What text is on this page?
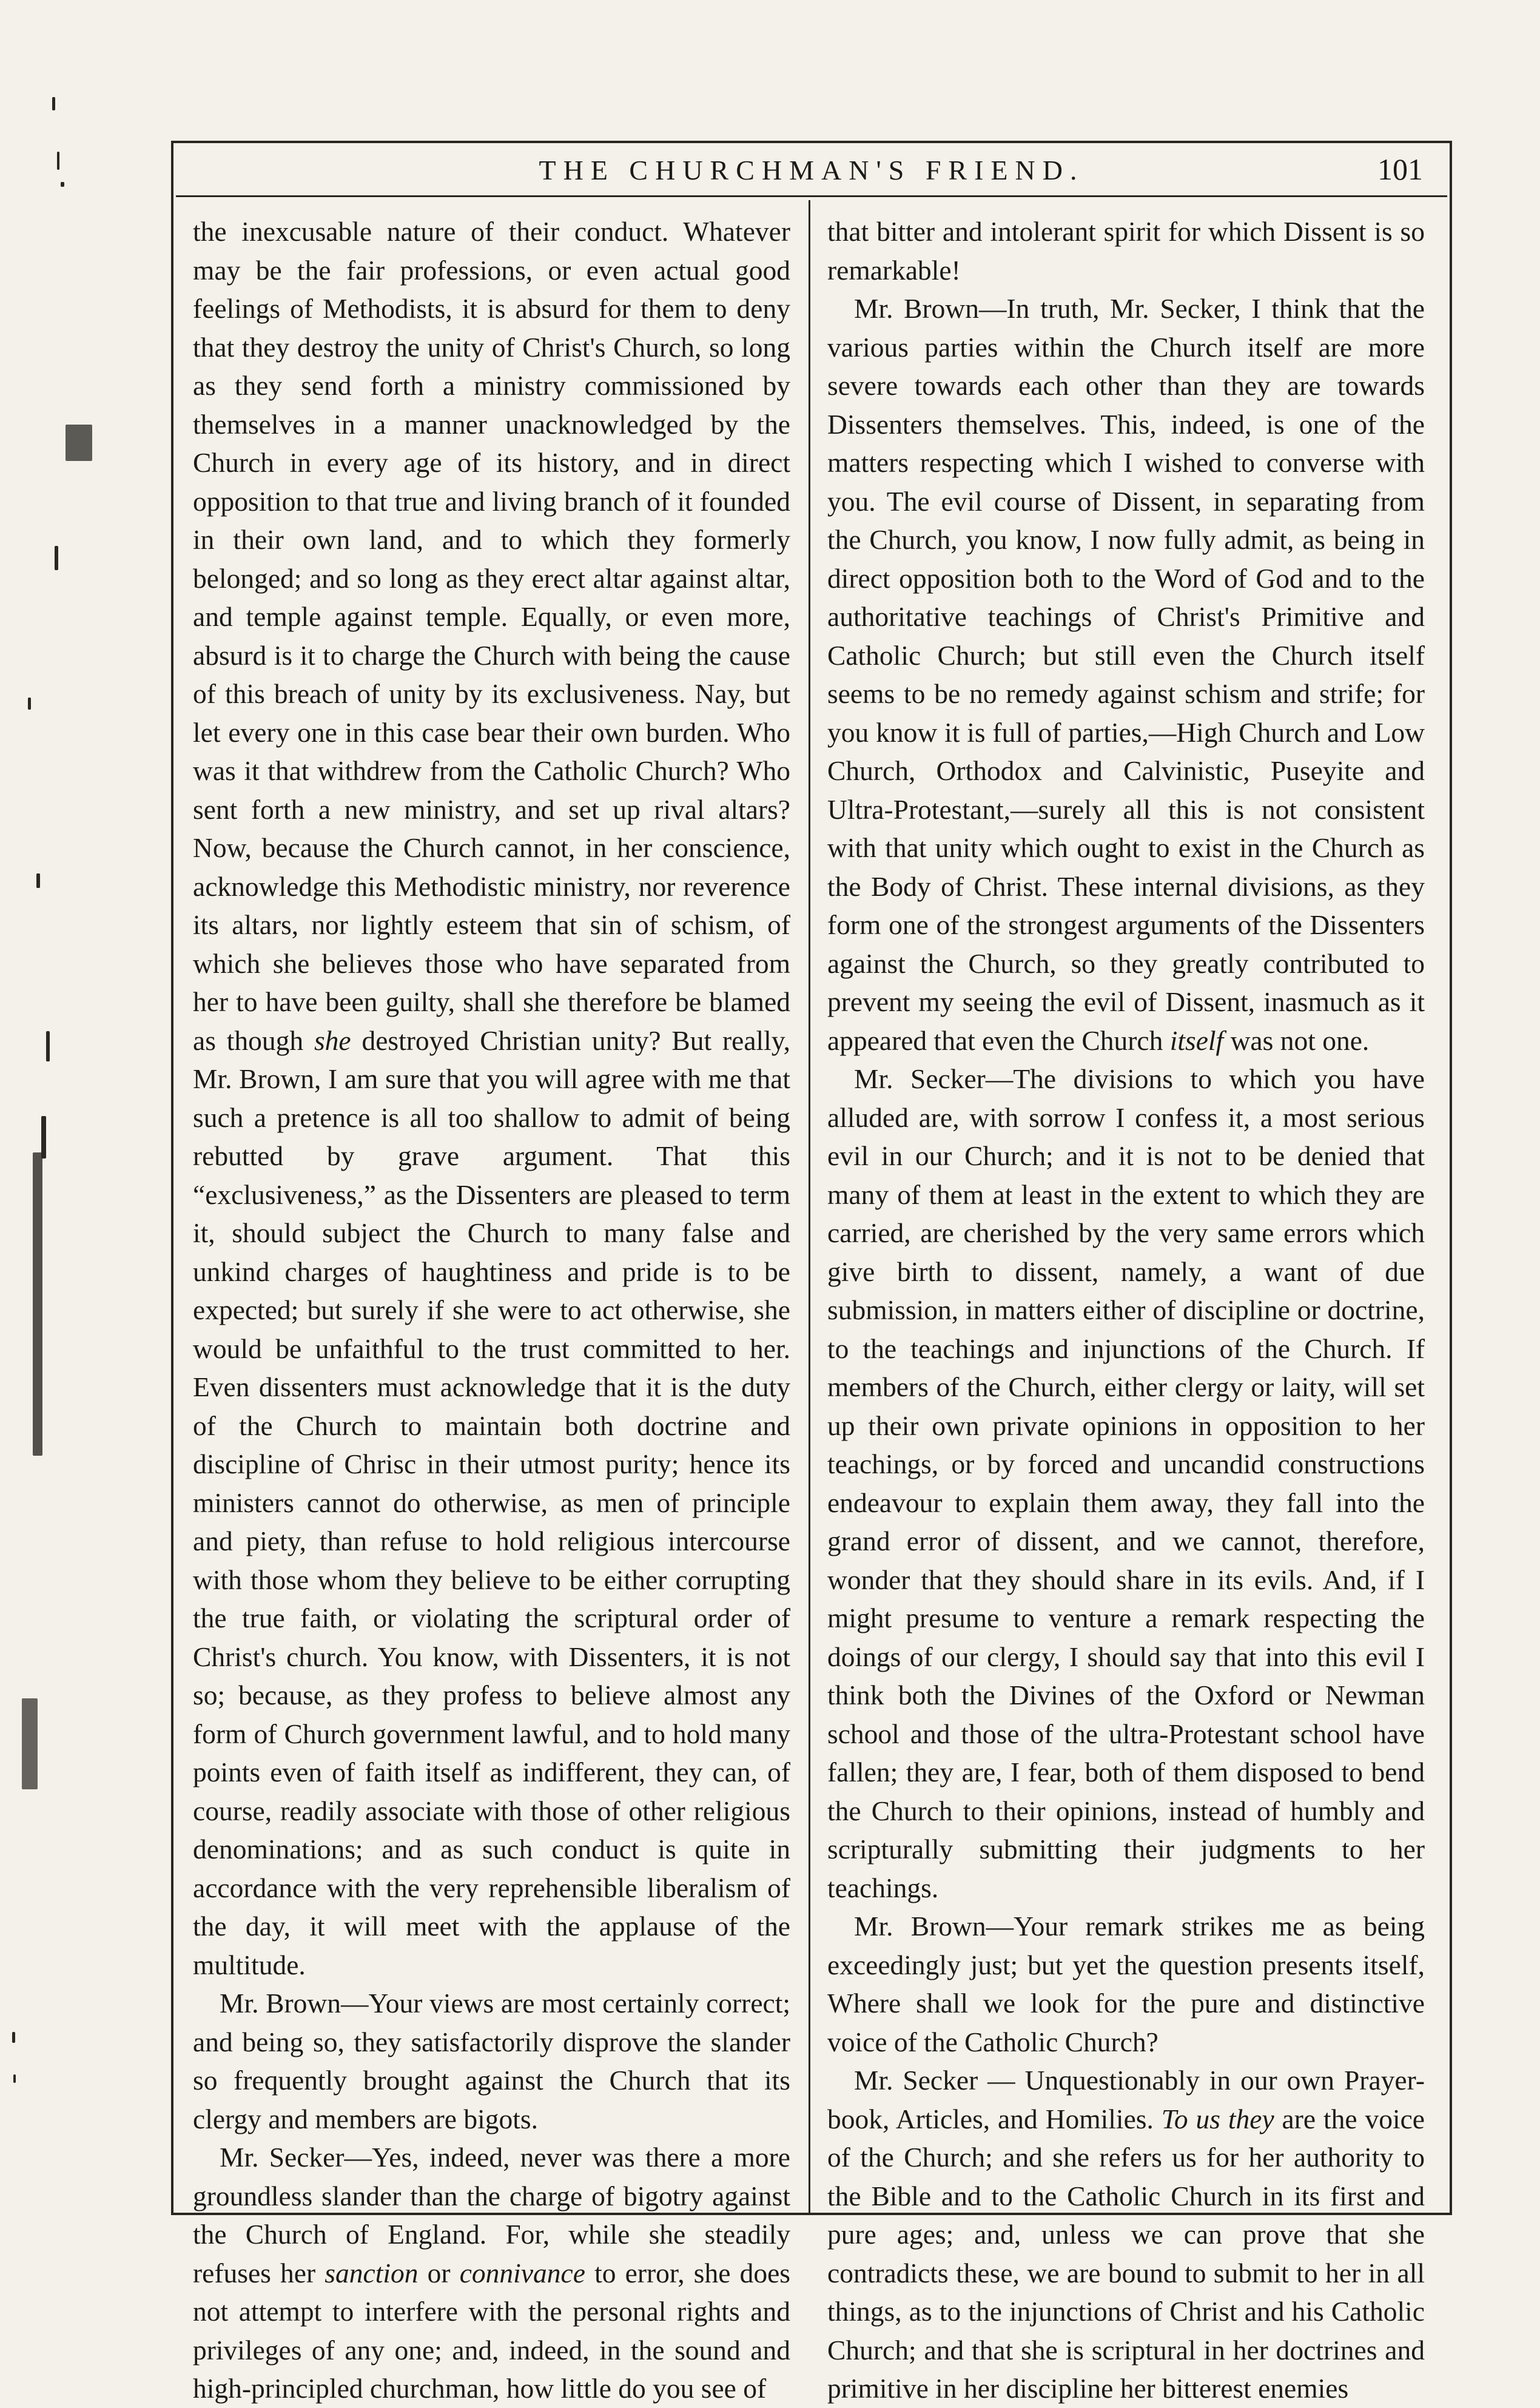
THE CHURCHMAN'S FRIEND.	101

the inexcusable nature of their conduct. Whatever may be the fair professions, or even actual good feelings of Methodists, it is absurd for them to deny that they destroy the unity of Christ's Church, so long as they send forth a ministry commissioned by themselves in a manner unacknowledged by the Church in every age of its history, and in direct opposition to that true and living branch of it founded in their own land, and to which they formerly belonged; and so long as they erect altar against altar, and temple against temple. Equally, or even more, absurd is it to charge the Church with being the cause of this breach of unity by its exclusiveness. Nay, but let every one in this case bear their own burden. Who was it that withdrew from the Catholic Church? Who sent forth a new ministry, and set up rival altars? Now, because the Church cannot, in her conscience, acknowledge this Methodistic ministry, nor reverence its altars, nor lightly esteem that sin of schism, of which she believes those who have separated from her to have been guilty, shall she therefore be blamed as though she destroyed Christian unity? But really, Mr. Brown, I am sure that you will agree with me that such a pretence is all too shallow to admit of being rebutted by grave argument. That this “exclusiveness,” as the Dissenters are pleased to term it, should subject the Church to many false and unkind charges of haughtiness and pride is to be expected; but surely if she were to act otherwise, she would be unfaithful to the trust committed to her. Even dissenters must acknowledge that it is the duty of the Church to maintain both doctrine and discipline of Chrisc in their utmost purity; hence its ministers cannot do otherwise, as men of principle and piety, than refuse to hold religious intercourse with those whom they believe to be either corrupting the true faith, or violating the scriptural order of Christ's church. You know, with Dissenters, it is not so; because, as they profess to believe almost any form of Church government lawful, and to hold many points even of faith itself as indifferent, they can, of course, readily associate with those of other religious denominations; and as such conduct is quite in accordance with the very reprehensible liberalism of the day, it will meet with the applause of the multitude.

Mr. Brown—Your views are most certainly correct; and being so, they satisfactorily disprove the slander so frequently brought against the Church that its clergy and members are bigots.

Mr. Secker—Yes, indeed, never was there a more groundless slander than the charge of bigotry against the Church of England. For, while she steadily refuses her sanction or connivance to error, she does not attempt to interfere with the personal rights and privileges of any one; and, indeed, in the sound and high-principled churchman, how little do you see of

that bitter and intolerant spirit for which Dissent is so remarkable!

Mr. Brown—In truth, Mr. Secker, I think that the various parties within the Church itself are more severe towards each other than they are towards Dissenters themselves. This, indeed, is one of the matters respecting which I wished to converse with you. The evil course of Dissent, in separating from the Church, you know, I now fully admit, as being in direct opposition both to the Word of God and to the authoritative teachings of Christ's Primitive and Catholic Church; but still even the Church itself seems to be no remedy against schism and strife; for you know it is full of parties,—High Church and Low Church, Orthodox and Calvinistic, Puseyite and Ultra-Protestant,—surely all this is not consistent with that unity which ought to exist in the Church as the Body of Christ. These internal divisions, as they form one of the strongest arguments of the Dissenters against the Church, so they greatly contributed to prevent my seeing the evil of Dissent, inasmuch as it appeared that even the Church itself was not one.

Mr. Secker—The divisions to which you have alluded are, with sorrow I confess it, a most serious evil in our Church; and it is not to be denied that many of them at least in the extent to which they are carried, are cherished by the very same errors which give birth to dissent, namely, a want of due submission, in matters either of discipline or doctrine, to the teachings and injunctions of the Church. If members of the Church, either clergy or laity, will set up their own private opinions in opposition to her teachings, or by forced and uncandid constructions endeavour to explain them away, they fall into the grand error of dissent, and we cannot, therefore, wonder that they should share in its evils. And, if I might presume to venture a remark respecting the doings of our clergy, I should say that into this evil I think both the Divines of the Oxford or Newman school and those of the ultra-Protestant school have fallen; they are, I fear, both of them disposed to bend the Church to their opinions, instead of humbly and scripturally submitting their judgments to her teachings.

Mr. Brown—Your remark strikes me as being exceedingly just; but yet the question presents itself, Where shall we look for the pure and distinctive voice of the Catholic Church?

Mr. Secker — Unquestionably in our own Prayer-book, Articles, and Homilies. To us they are the voice of the Church; and she refers us for her authority to the Bible and to the Catholic Church in its first and pure ages; and, unless we can prove that she contradicts these, we are bound to submit to her in all things, as to the injunctions of Christ and his Catholic Church; and that she is scriptural in her doctrines and primitive in her discipline her bitterest enemies
